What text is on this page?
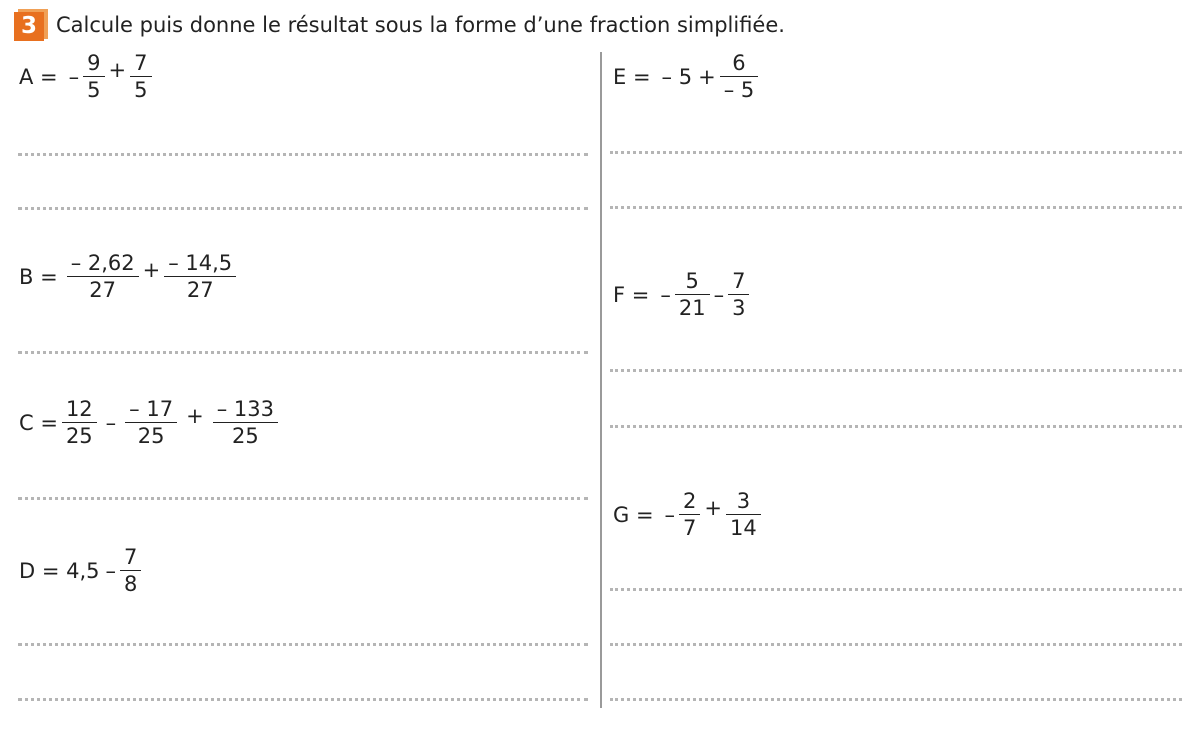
3 Calcule puis donne le résultat sous la forme d’une fraction simplifiée.
A = – $\frac{9}{5} + \frac{7}{5}$	E = – $5 + \frac{6}{- 5}$
$B = \frac{- 2,62}{27} + \frac{- 14,5}{27}$	F = – $\frac{5}{21} - \frac{7}{3}$
$C = \frac{12}{25} - \frac{- 17}{25} + \frac{- 133}{25}$
G = – $\frac{2}{7} + \frac{3}{14}$
$D = 4,5 - \frac{7}{8}$
